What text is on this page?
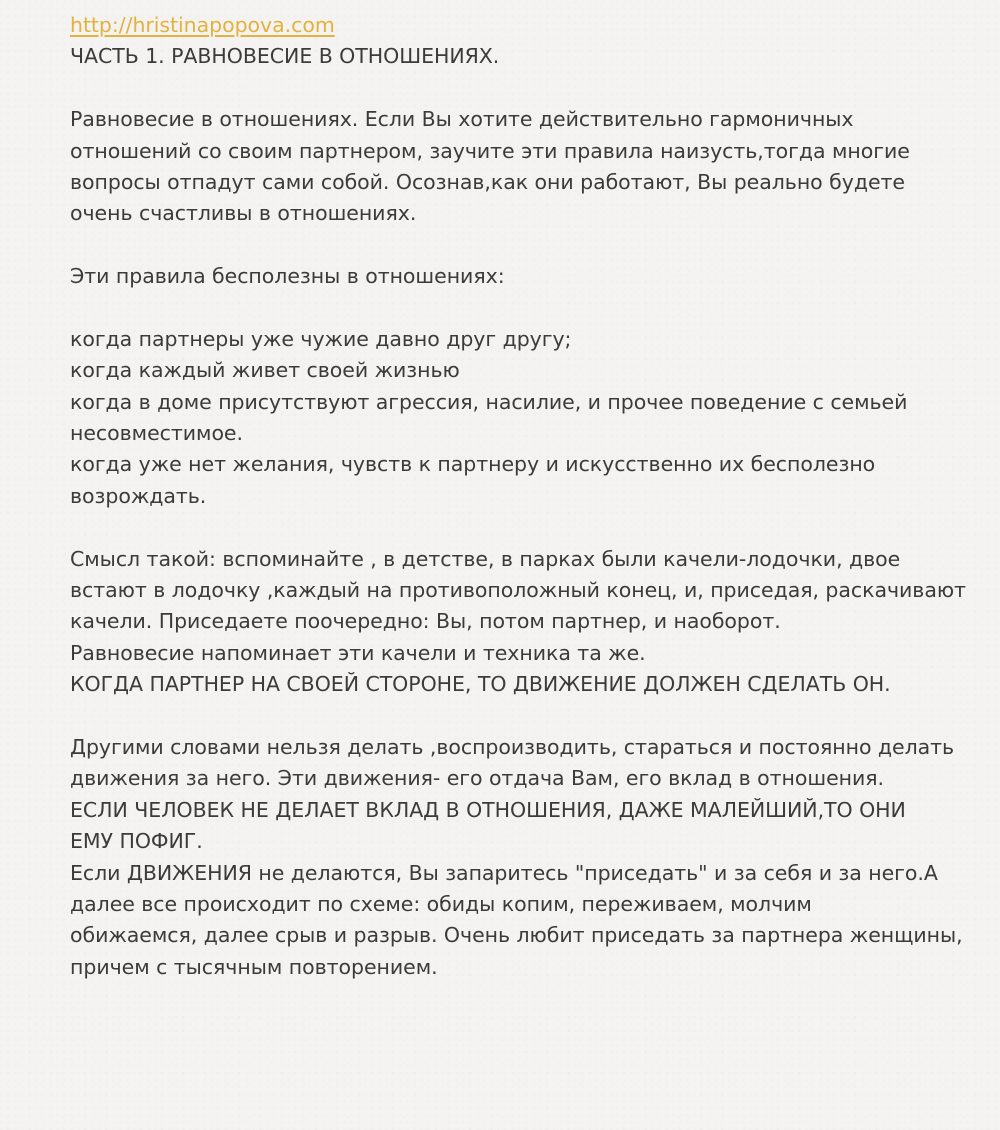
http://hristinapopova.com
ЧАСТЬ 1. РАВНОВЕСИЕ В ОТНОШЕНИЯХ.
Равновесие в отношениях. Если Вы хотите действительно гармоничных
отношений со своим партнером, заучите эти правила наизусть,тогда многие
вопросы отпадут сами собой. Осознав,как они работают, Вы реально будете
очень счастливы в отношениях.
Эти правила бесполезны в отношениях:
когда партнеры уже чужие давно друг другу;
когда каждый живет своей жизнью
когда в доме присутствуют агрессия, насилие, и прочее поведение с семьей
несовместимое.
когда уже нет желания, чувств к партнеру и искусственно их бесполезно
возрождать.
Смысл такой: вспоминайте , в детстве, в парках были качели-лодочки, двое
встают в лодочку ,каждый на противоположный конец, и, приседая, раскачивают
качели. Приседаете поочередно: Вы, потом партнер, и наоборот.
Равновесие напоминает эти качели и техника та же.
КОГДА ПАРТНЕР НА СВОЕЙ СТОРОНЕ, ТО ДВИЖЕНИЕ ДОЛЖЕН СДЕЛАТЬ ОН.
Другими словами нельзя делать ,воспроизводить, стараться и постоянно делать
движения за него. Эти движения- его отдача Вам, его вклад в отношения.
ЕСЛИ ЧЕЛОВЕК НЕ ДЕЛАЕТ ВКЛАД В ОТНОШЕНИЯ, ДАЖЕ МАЛЕЙШИЙ,ТО ОНИ
ЕМУ ПОФИГ.
Если ДВИЖЕНИЯ не делаются, Вы запаритесь "приседать" и за себя и за него.А
далее все происходит по схеме: обиды копим, переживаем, молчим
обижаемся, далее срыв и разрыв. Очень любит приседать за партнера женщины,
причем с тысячным повторением.
